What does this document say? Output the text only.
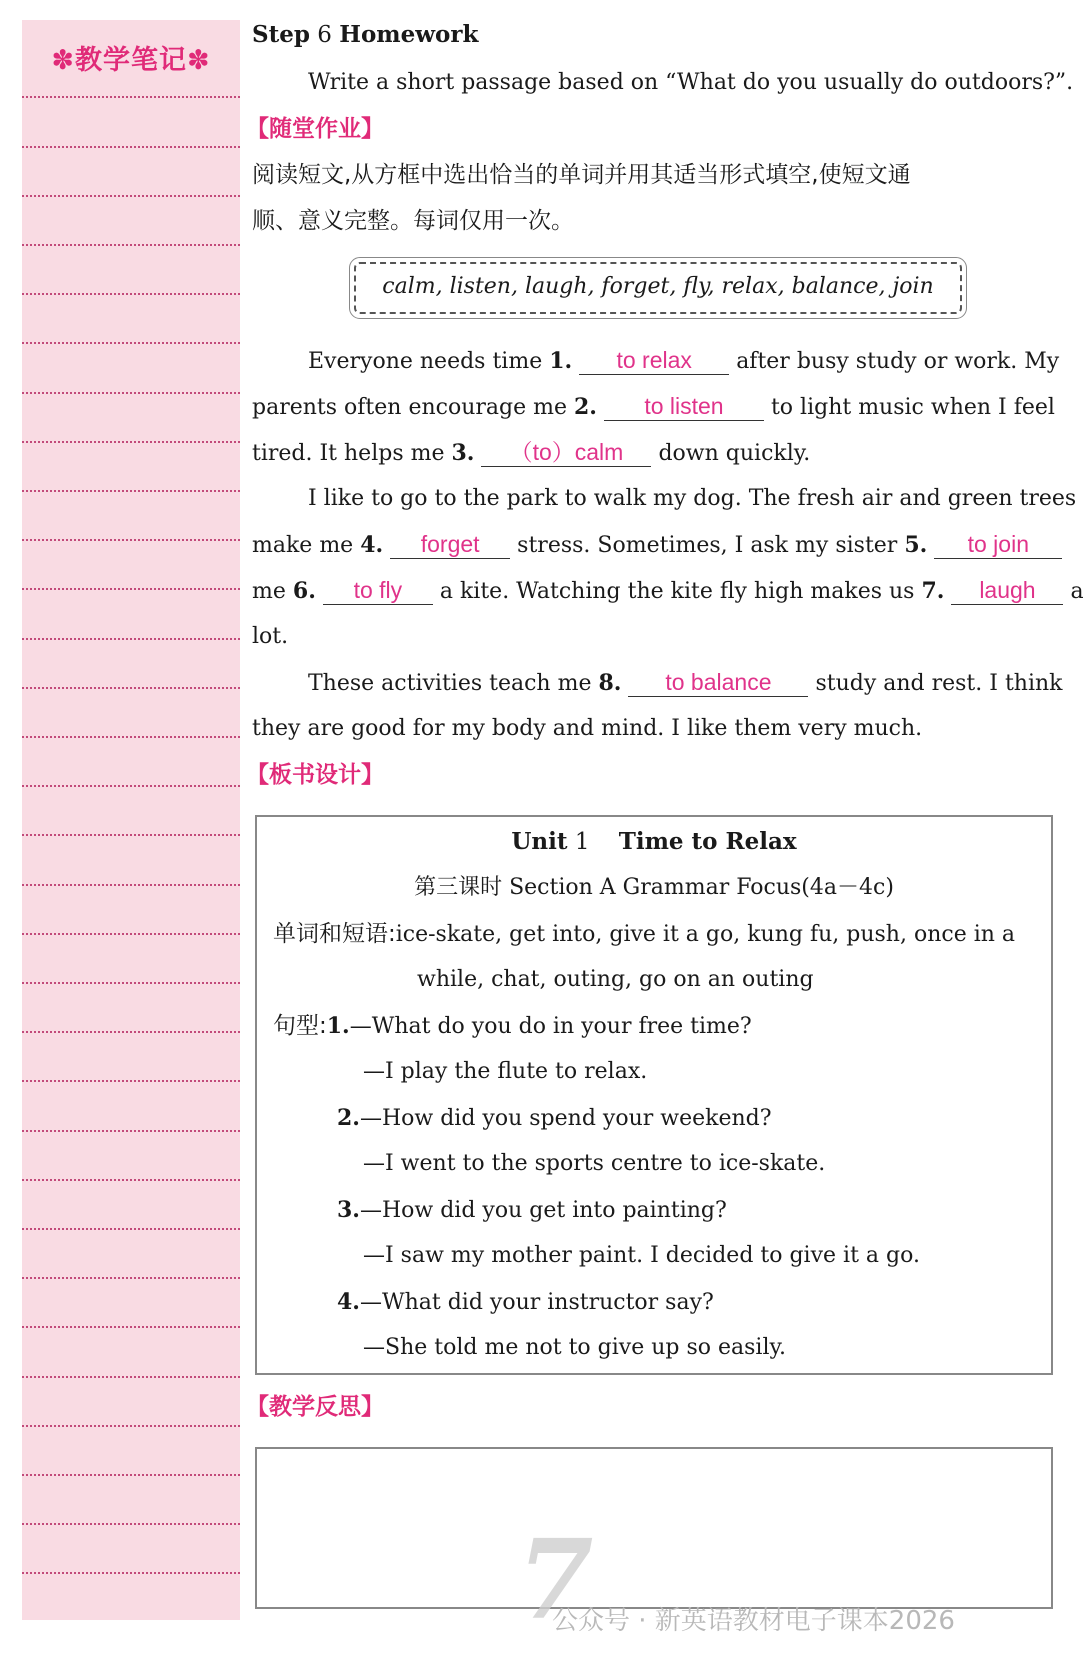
✽教学笔记✽
Step 6 Homework
Write a short passage based on “What do you usually do outdoors?”.
【随堂作业】
阅读短文,从方框中选出恰当的单词并用其适当形式填空,使短文通
顺、意义完整。每词仅用一次。
calm, listen, laugh, forget, fly, relax, balance, join
Everyone needs time 1. to relax after busy study or work. My
parents often encourage me 2. to listen to light music when I feel
tired. It helps me 3. （to）calm down quickly.
I like to go to the park to walk my dog. The fresh air and green trees
make me 4. forget stress. Sometimes, I ask my sister 5. to join
me 6. to fly a kite. Watching the kite fly high makes us 7. laugh a
lot.
These activities teach me 8. to balance study and rest. I think
they are good for my body and mind. I like them very much.
【板书设计】
Unit 1 Time to Relax
第三课时 Section A Grammar Focus(4a－4c)
单词和短语:ice-skate, get into, give it a go, kung fu, push, once in a
while, chat, outing, go on an outing
句型:1.—What do you do in your free time?
—I play the flute to relax.
2.—How did you spend your weekend?
—I went to the sports centre to ice-skate.
3.—How did you get into painting?
—I saw my mother paint. I decided to give it a go.
4.—What did your instructor say?
—She told me not to give up so easily.
【教学反思】
7
公众号 · 新英语教材电子课本2026
